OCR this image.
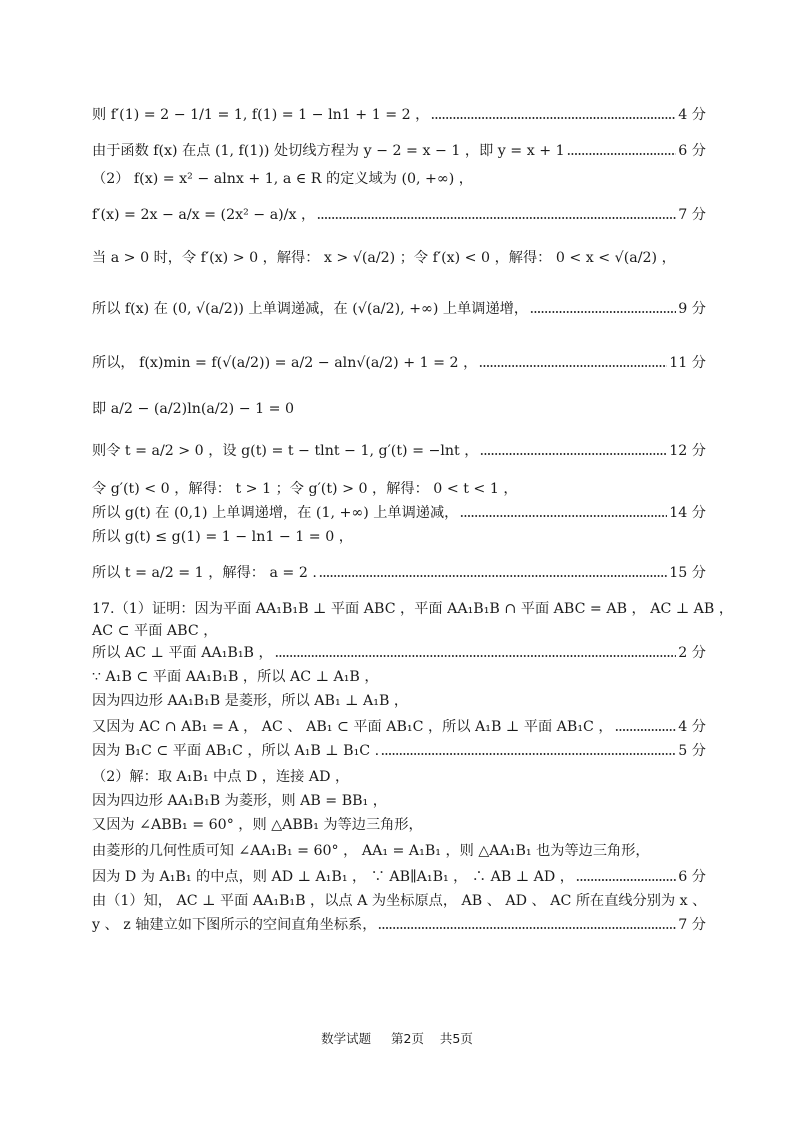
则 f′(1) = 2 − 1/1 = 1, f(1) = 1 − ln1 + 1 = 2 ，	4 分
由于函数 f(x) 在点 (1, f(1)) 处切线方程为 y − 2 = x − 1 ，即 y = x + 1	6 分
（2） f(x) = x² − alnx + 1, a ∈ R 的定义域为 (0, +∞) ，
f′(x) = 2x − a/x = (2x² − a)/x ，	7 分
当 a > 0 时，令 f′(x) > 0 ，解得： x > √(a/2) ；令 f′(x) < 0 ，解得： 0 < x < √(a/2) ，
所以 f(x) 在 (0, √(a/2)) 上单调递减，在 (√(a/2), +∞) 上单调递增，	9 分
所以， f(x)min = f(√(a/2)) = a/2 − aln√(a/2) + 1 = 2 ，	11 分
即 a/2 − (a/2)ln(a/2) − 1 = 0
则令 t = a/2 > 0 ，设 g(t) = t − tlnt − 1, g′(t) = −lnt ，	12 分
令 g′(t) < 0 ，解得： t > 1 ；令 g′(t) > 0 ，解得： 0 < t < 1 ，
所以 g(t) 在 (0,1) 上单调递增，在 (1, +∞) 上单调递减，	14 分
所以 g(t) ≤ g(1) = 1 − ln1 − 1 = 0 ，
所以 t = a/2 = 1 ，解得： a = 2 .	15 分
17.（1）证明：因为平面 AA₁B₁B ⊥ 平面 ABC ，平面 AA₁B₁B ∩ 平面 ABC = AB ， AC ⊥ AB ，
AC ⊂ 平面 ABC ，
所以 AC ⊥ 平面 AA₁B₁B ，	2 分
∵ A₁B ⊂ 平面 AA₁B₁B ，所以 AC ⊥ A₁B ，
因为四边形 AA₁B₁B 是菱形，所以 AB₁ ⊥ A₁B ，
又因为 AC ∩ AB₁ = A ， AC 、 AB₁ ⊂ 平面 AB₁C ，所以 A₁B ⊥ 平面 AB₁C ，	4 分
因为 B₁C ⊂ 平面 AB₁C ，所以 A₁B ⊥ B₁C .	5 分
（2）解：取 A₁B₁ 中点 D ，连接 AD ，
因为四边形 AA₁B₁B 为菱形，则 AB = BB₁ ，
又因为 ∠ABB₁ = 60° ，则 △ABB₁ 为等边三角形，
由菱形的几何性质可知 ∠AA₁B₁ = 60° ， AA₁ = A₁B₁ ，则 △AA₁B₁ 也为等边三角形，
因为 D 为 A₁B₁ 的中点，则 AD ⊥ A₁B₁ ， ∵ AB∥A₁B₁ ， ∴ AB ⊥ AD ，	6 分
由（1）知， AC ⊥ 平面 AA₁B₁B ，以点 A 为坐标原点， AB 、 AD 、 AC 所在直线分别为 x 、
y 、 z 轴建立如下图所示的空间直角坐标系，	7 分
数学试题 第2页 共5页
